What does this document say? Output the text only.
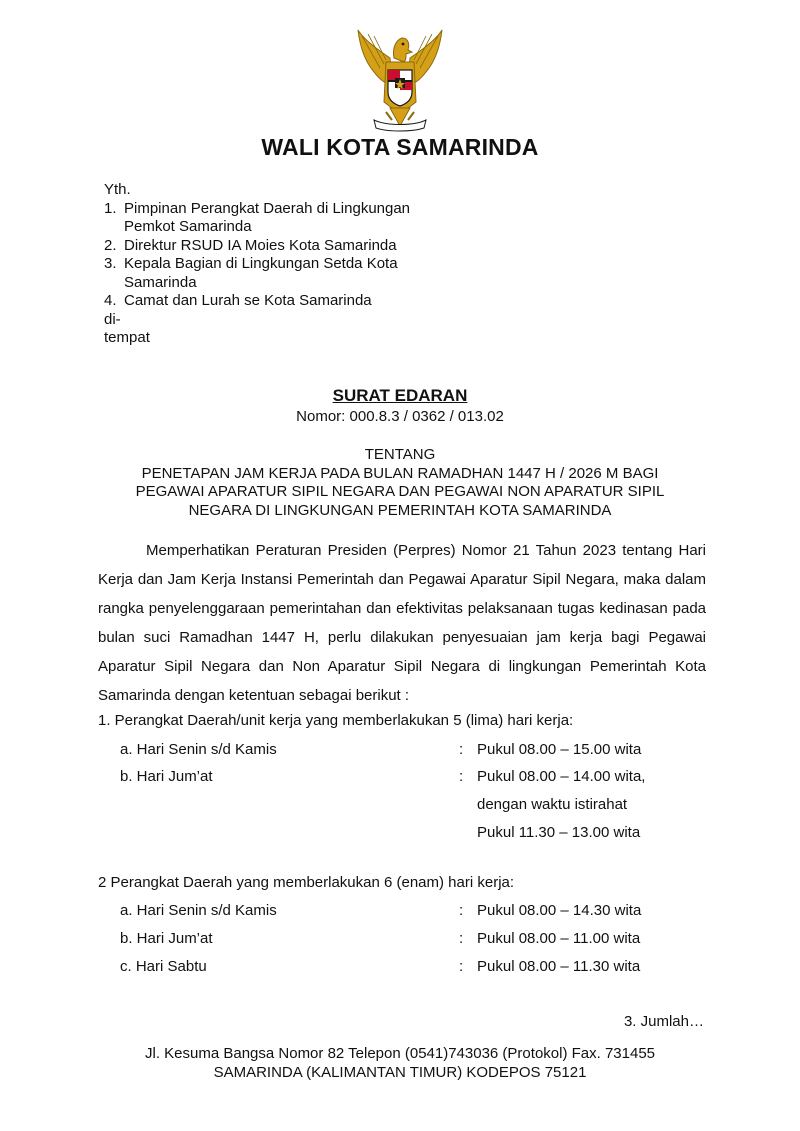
WALI KOTA SAMARINDA
Yth.
1. Pimpinan Perangkat Daerah di Lingkungan Pemkot Samarinda
2. Direktur RSUD IA Moies Kota Samarinda
3. Kepala Bagian di Lingkungan Setda Kota Samarinda
4. Camat dan Lurah se Kota Samarinda
di-
tempat
SURAT EDARAN
Nomor: 000.8.3 / 0362 / 013.02
TENTANG
PENETAPAN JAM KERJA PADA BULAN RAMADHAN 1447 H / 2026 M BAGI
PEGAWAI APARATUR SIPIL NEGARA DAN PEGAWAI NON APARATUR SIPIL
NEGARA DI LINGKUNGAN PEMERINTAH KOTA SAMARINDA
Memperhatikan Peraturan Presiden (Perpres) Nomor 21 Tahun 2023 tentang Hari Kerja dan Jam Kerja Instansi Pemerintah dan Pegawai Aparatur Sipil Negara, maka dalam rangka penyelenggaraan pemerintahan dan efektivitas pelaksanaan tugas kedinasan pada bulan suci Ramadhan 1447 H, perlu dilakukan penyesuaian jam kerja bagi Pegawai Aparatur Sipil Negara dan Non Aparatur Sipil Negara di lingkungan Pemerintah Kota Samarinda dengan ketentuan sebagai berikut :
1. Perangkat Daerah/unit kerja yang memberlakukan 5 (lima) hari kerja:
a. Hari Senin s/d Kamis	: Pukul 08.00 – 15.00 wita
b. Hari Jum’at	: Pukul 08.00 – 14.00 wita,
dengan waktu istirahat
Pukul 11.30 – 13.00 wita
2 Perangkat Daerah yang memberlakukan 6 (enam) hari kerja:
a. Hari Senin s/d Kamis	: Pukul 08.00 – 14.30 wita
b. Hari Jum’at	: Pukul 08.00 – 11.00 wita
c. Hari Sabtu	: Pukul 08.00 – 11.30 wita
3. Jumlah…
Jl. Kesuma Bangsa Nomor 82 Telepon (0541)743036 (Protokol) Fax. 731455
SAMARINDA (KALIMANTAN TIMUR) KODEPOS 75121
